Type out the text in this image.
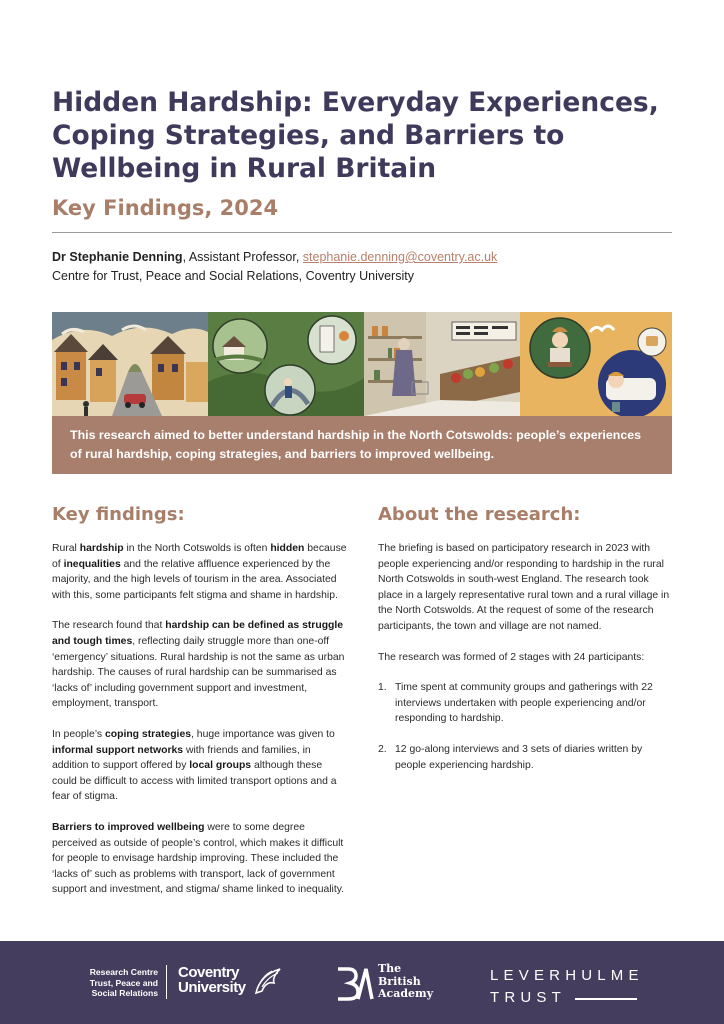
Hidden Hardship: Everyday Experiences, Coping Strategies, and Barriers to Wellbeing in Rural Britain
Key Findings, 2024
Dr Stephanie Denning, Assistant Professor, stephanie.denning@coventry.ac.uk
Centre for Trust, Peace and Social Relations, Coventry University
This research aimed to better understand hardship in the North Cotswolds: people’s experiences of rural hardship, coping strategies, and barriers to improved wellbeing.
Key findings:

Rural hardship in the North Cotswolds is often hidden because of inequalities and the relative affluence experienced by the majority, and the high levels of tourism in the area. Associated with this, some participants felt stigma and shame in hardship.

The research found that hardship can be defined as struggle and tough times, reflecting daily struggle more than one-off ‘emergency’ situations. Rural hardship is not the same as urban hardship. The causes of rural hardship can be summarised as ‘lacks of’ including government support and investment, employment, transport.

In people’s coping strategies, huge importance was given to informal support networks with friends and families, in addition to support offered by local groups although these could be difficult to access with limited transport options and a fear of stigma.

Barriers to improved wellbeing were to some degree perceived as outside of people’s control, which makes it difficult for people to envisage hardship improving. These included the ‘lacks of’ such as problems with transport, lack of government support and investment, and stigma/ shame linked to inequality.

About the research:

The briefing is based on participatory research in 2023 with people experiencing and/or responding to hardship in the rural North Cotswolds in south-west England. The research took place in a largely representative rural town and a rural village in the North Cotswolds. At the request of some of the research participants, the town and village are not named.

The research was formed of 2 stages with 24 participants:

1. Time spent at community groups and gatherings with 22 interviews undertaken with people experiencing and/or responding to hardship.
2. 12 go-along interviews and 3 sets of diaries written by people experiencing hardship.
Research Centre
Trust, Peace and
Social Relations
Coventry
University
The
British
Academy
LEVERHULME
TRUST
